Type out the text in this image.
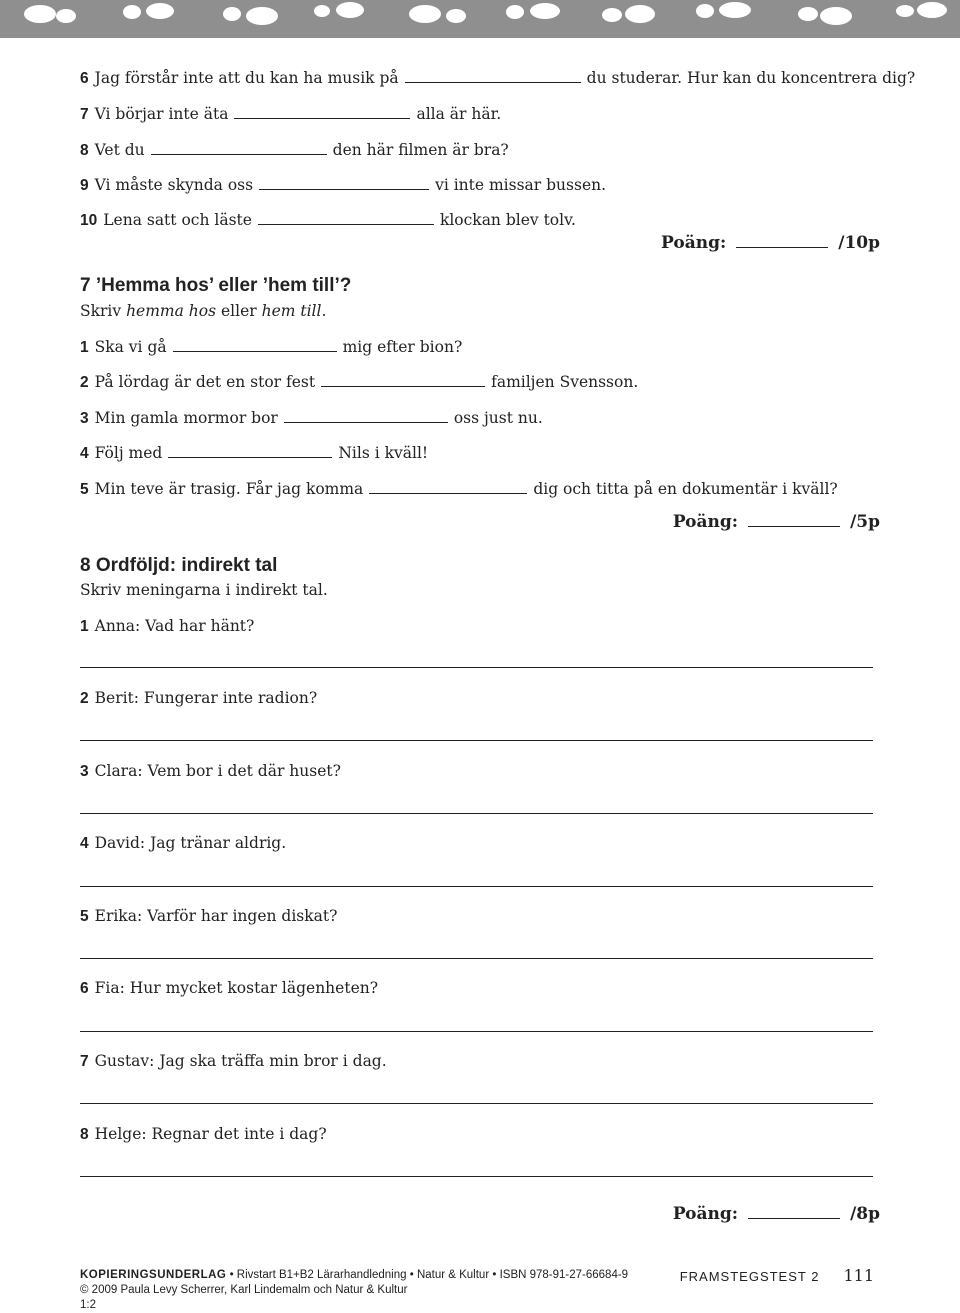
6 Jag förstår inte att du kan ha musik på	du studerar. Hur kan du koncentrera dig?
7 Vi börjar inte äta	alla är här.
8 Vet du	den här filmen är bra?
9 Vi måste skynda oss	vi inte missar bussen.
10 Lena satt och läste	klockan blev tolv.
Poäng:	/10p
7 ’Hemma hos’ eller ’hem till’?
Skriv hemma hos eller hem till.
1 Ska vi gå	mig efter bion?
2 På lördag är det en stor fest	familjen Svensson.
3 Min gamla mormor bor	oss just nu.
4 Följ med	Nils i kväll!
5 Min teve är trasig. Får jag komma	dig och titta på en dokumentär i kväll?
Poäng:	/5p
8 Ordföljd: indirekt tal
Skriv meningarna i indirekt tal.
1 Anna: Vad har hänt?
2 Berit: Fungerar inte radion?
3 Clara: Vem bor i det där huset?
4 David: Jag tränar aldrig.
5 Erika: Varför har ingen diskat?
6 Fia: Hur mycket kostar lägenheten?
7 Gustav: Jag ska träffa min bror i dag.
8 Helge: Regnar det inte i dag?
Poäng:	/8p
KOPIERINGSUNDERLAG • Rivstart B1+B2 Lärarhandledning • Natur & Kultur • ISBN 978-91-27-66684-9
© 2009 Paula Levy Scherrer, Karl Lindemalm och Natur & Kultur
1:2
FRAMSTEGSTEST 2 111
